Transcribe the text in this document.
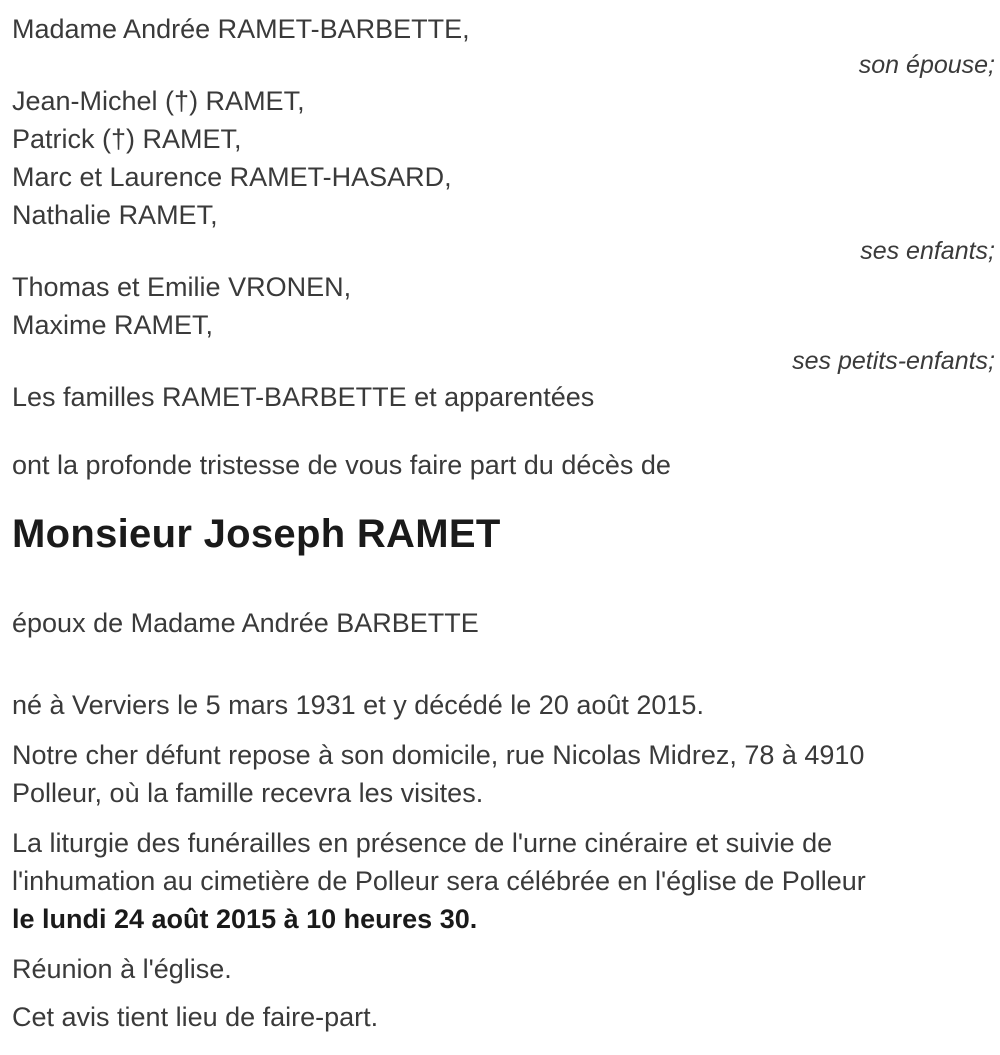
Madame Andrée RAMET-BARBETTE,
son épouse;
Jean-Michel (†) RAMET,
Patrick (†) RAMET,
Marc et Laurence RAMET-HASARD,
Nathalie RAMET,
ses enfants;
Thomas et Emilie VRONEN,
Maxime RAMET,
ses petits-enfants;
Les familles RAMET-BARBETTE et apparentées
ont la profonde tristesse de vous faire part du décès de
Monsieur Joseph RAMET
époux de Madame Andrée BARBETTE
né à Verviers le 5 mars 1931 et y décédé le 20 août 2015.
Notre cher défunt repose à son domicile, rue Nicolas Midrez, 78 à 4910
Polleur, où la famille recevra les visites.
La liturgie des funérailles en présence de l'urne cinéraire et suivie de
l'inhumation au cimetière de Polleur sera célébrée en l'église de Polleur
le lundi 24 août 2015 à 10 heures 30.
Réunion à l'église.
Cet avis tient lieu de faire-part.
